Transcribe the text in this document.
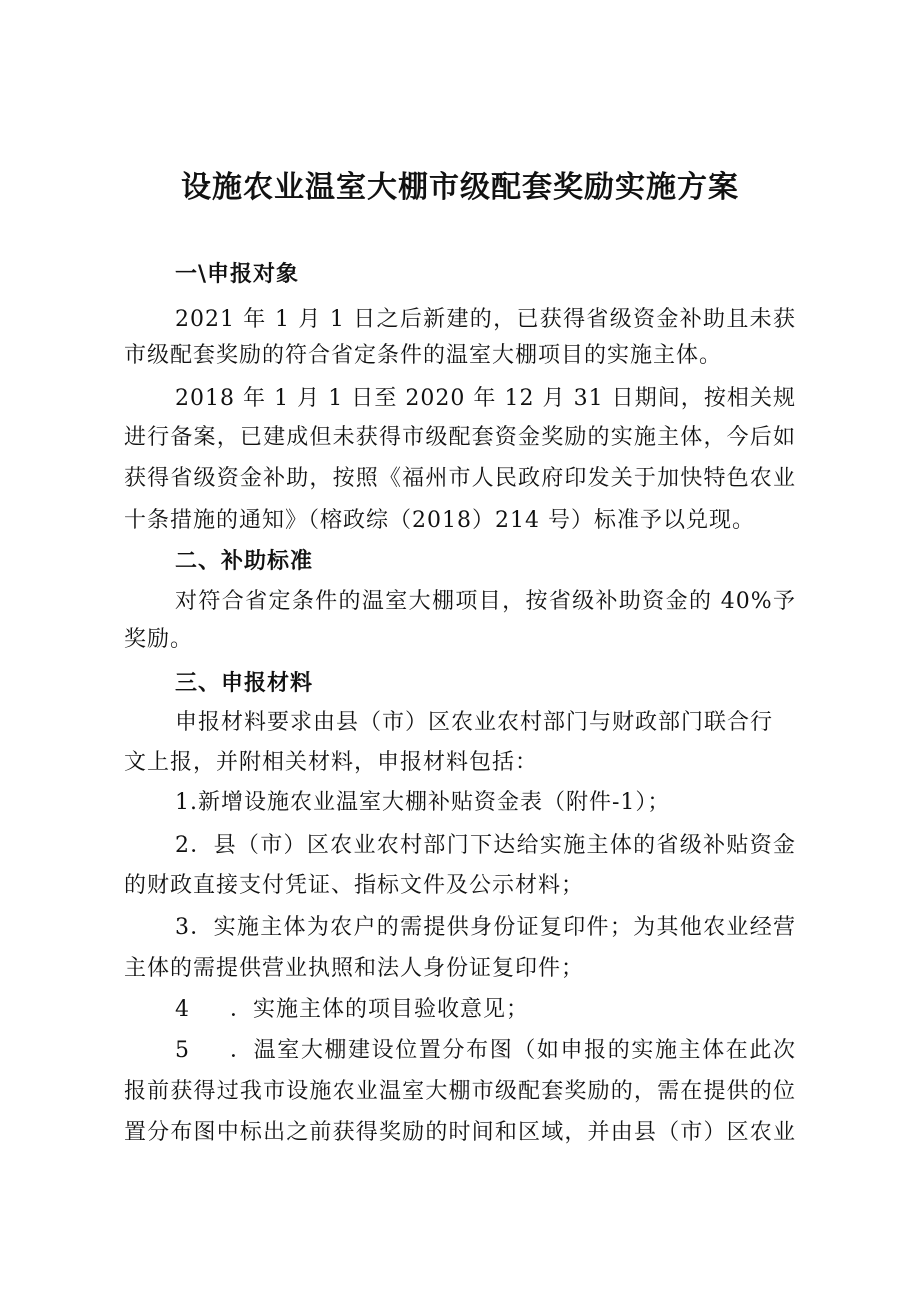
设施农业温室大棚市级配套奖励实施方案
一\申报对象
2021 年 1 月 1 日之后新建的，已获得省级资金补助且未获
市级配套奖励的符合省定条件的温室大棚项目的实施主体。
2018 年 1 月 1 日至 2020 年 12 月 31 日期间，按相关规
进行备案，已建成但未获得市级配套资金奖励的实施主体，今后如
获得省级资金补助，按照《福州市人民政府印发关于加快特色农业
十条措施的通知》（榕政综（2018）214 号）标准予以兑现。
二、补助标准
对符合省定条件的温室大棚项目，按省级补助资金的 40%予
奖励。
三、申报材料
申报材料要求由县（市）区农业农村部门与财政部门联合行
文上报，并附相关材料，申报材料包括：
1.新增设施农业温室大棚补贴资金表（附件-1）；
2．县（市）区农业农村部门下达给实施主体的省级补贴资金
的财政直接支付凭证、指标文件及公示材料；
3．实施主体为农户的需提供身份证复印件；为其他农业经营
主体的需提供营业执照和法人身份证复印件；
4 ．实施主体的项目验收意见；
5 ．温室大棚建设位置分布图（如申报的实施主体在此次
报前获得过我市设施农业温室大棚市级配套奖励的，需在提供的位
置分布图中标出之前获得奖励的时间和区域，并由县（市）区农业
